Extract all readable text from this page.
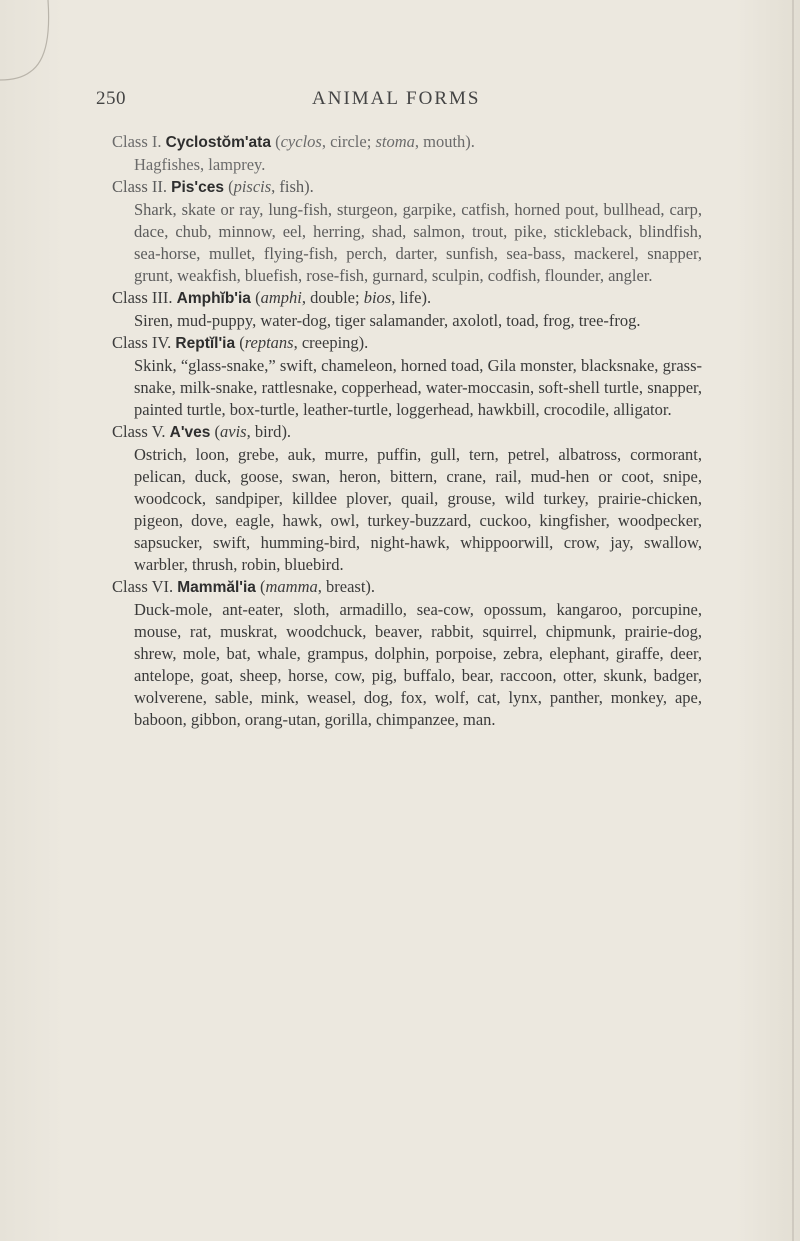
250	ANIMAL FORMS

Class I. Cyclostŏm'ata (cyclos, circle; stoma, mouth).

Hagfishes, lamprey.

Class II. Pis'ces (piscis, fish).

Shark, skate or ray, lung-fish, sturgeon, garpike, catfish, horned pout, bullhead, carp, dace, chub, minnow, eel, herring, shad, salmon, trout, pike, stickleback, blindfish, sea-horse, mullet, flying-fish, perch, darter, sunfish, sea-bass, mackerel, snapper, grunt, weakfish, bluefish, rose-fish, gurnard, sculpin, codfish, flounder, angler.

Class III. Amphĭb'ia (amphi, double; bios, life).

Siren, mud-puppy, water-dog, tiger salamander, axolotl, toad, frog, tree-frog.

Class IV. Reptĭl'ia (reptans, creeping).

Skink, “glass-snake,” swift, chameleon, horned toad, Gila monster, blacksnake, grass-snake, milk-snake, rattlesnake, copperhead, water-moccasin, soft-shell turtle, snapper, painted turtle, box-turtle, leather-turtle, loggerhead, hawkbill, crocodile, alligator.

Class V. A'ves (avis, bird).

Ostrich, loon, grebe, auk, murre, puffin, gull, tern, petrel, albatross, cormorant, pelican, duck, goose, swan, heron, bittern, crane, rail, mud-hen or coot, snipe, woodcock, sandpiper, killdee plover, quail, grouse, wild turkey, prairie-chicken, pigeon, dove, eagle, hawk, owl, turkey-buzzard, cuckoo, kingfisher, woodpecker, sapsucker, swift, humming-bird, night-hawk, whippoorwill, crow, jay, swallow, warbler, thrush, robin, bluebird.

Class VI. Mammăl'ia (mamma, breast).

Duck-mole, ant-eater, sloth, armadillo, sea-cow, opossum, kangaroo, porcupine, mouse, rat, muskrat, woodchuck, beaver, rabbit, squirrel, chipmunk, prairie-dog, shrew, mole, bat, whale, grampus, dolphin, porpoise, zebra, elephant, giraffe, deer, antelope, goat, sheep, horse, cow, pig, buffalo, bear, raccoon, otter, skunk, badger, wolverene, sable, mink, weasel, dog, fox, wolf, cat, lynx, panther, monkey, ape, baboon, gibbon, orang-utan, gorilla, chimpanzee, man.
